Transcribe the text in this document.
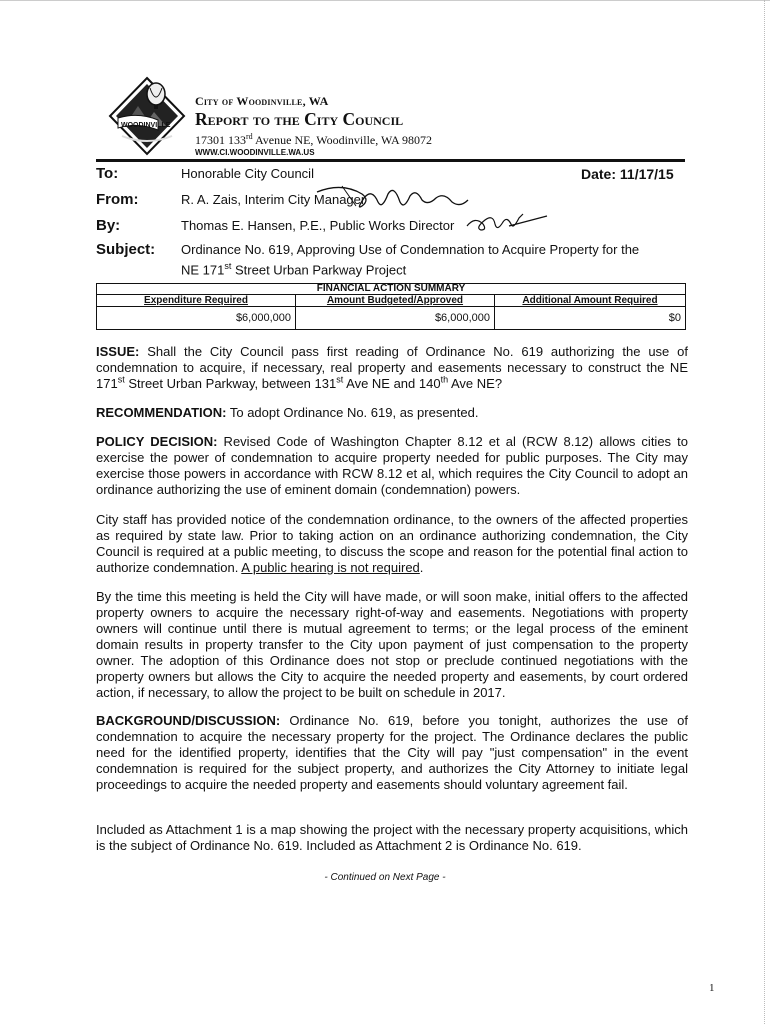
WOODINVILLE
City of Woodinville, WA
Report to the City Council
17301 133rd Avenue NE, Woodinville, WA 98072
WWW.CI.WOODINVILLE.WA.US
To:	Honorable City Council	Date: 11/17/15
From:	R. A. Zais, Interim City Manager
By:	Thomas E. Hansen, P.E., Public Works Director
Subject: Ordinance No. 619, Approving Use of Condemnation to Acquire Property for the
NE 171st Street Urban Parkway Project
FINANCIAL ACTION SUMMARY		
Expenditure Required	Amount Budgeted/Approved	Additional Amount Required
$6,000,000	$6,000,000	$0
ISSUE: Shall the City Council pass first reading of Ordinance No. 619 authorizing the use of condemnation to acquire, if necessary, real property and easements necessary to construct the NE 171st Street Urban Parkway, between 131st Ave NE and 140th Ave NE?
RECOMMENDATION: To adopt Ordinance No. 619, as presented.
POLICY DECISION: Revised Code of Washington Chapter 8.12 et al (RCW 8.12) allows cities to exercise the power of condemnation to acquire property needed for public purposes. The City may exercise those powers in accordance with RCW 8.12 et al, which requires the City Council to adopt an ordinance authorizing the use of eminent domain (condemnation) powers.
City staff has provided notice of the condemnation ordinance, to the owners of the affected properties as required by state law. Prior to taking action on an ordinance authorizing condemnation, the City Council is required at a public meeting, to discuss the scope and reason for the potential final action to authorize condemnation. A public hearing is not required.
By the time this meeting is held the City will have made, or will soon make, initial offers to the affected property owners to acquire the necessary right-of-way and easements. Negotiations with property owners will continue until there is mutual agreement to terms; or the legal process of the eminent domain results in property transfer to the City upon payment of just compensation to the property owner. The adoption of this Ordinance does not stop or preclude continued negotiations with the property owners but allows the City to acquire the needed property and easements, by court ordered action, if necessary, to allow the project to be built on schedule in 2017.
BACKGROUND/DISCUSSION: Ordinance No. 619, before you tonight, authorizes the use of condemnation to acquire the necessary property for the project. The Ordinance declares the public need for the identified property, identifies that the City will pay "just compensation" in the event condemnation is required for the subject property, and authorizes the City Attorney to initiate legal proceedings to acquire the needed property and easements should voluntary agreement fail.
Included as Attachment 1 is a map showing the project with the necessary property acquisitions, which is the subject of Ordinance No. 619. Included as Attachment 2 is Ordinance No. 619.
- Continued on Next Page -
1
